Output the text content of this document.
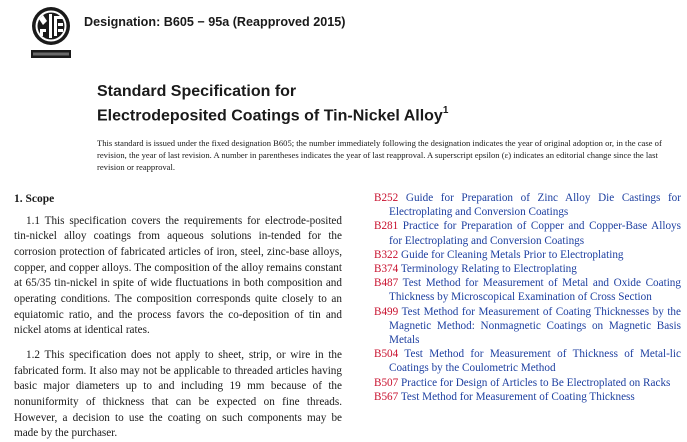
Designation: B605 − 95a (Reapproved 2015)
Standard Specification for
Electrodeposited Coatings of Tin-Nickel Alloy$^1$
This standard is issued under the fixed designation B605; the number immediately following the designation indicates the year of original adoption or, in the case of revision, the year of last revision. A number in parentheses indicates the year of last reapproval. A superscript epsilon (ε) indicates an editorial change since the last revision or reapproval.
1. Scope

1.1 This specification covers the requirements for electrode-posited tin-nickel alloy coatings from aqueous solutions in-tended for the corrosion protection of fabricated articles of iron, steel, zinc-base alloys, copper, and copper alloys. The composition of the alloy remains constant at 65/35 tin-nickel in spite of wide fluctuations in both composition and operating conditions. The composition corresponds quite closely to an equiatomic ratio, and the process favors the co-deposition of tin and nickel atoms at identical rates.

1.2 This specification does not apply to sheet, strip, or wire in the fabricated form. It also may not be applicable to threaded articles having basic major diameters up to and including 19 mm because of the nonuniformity of thickness that can be expected on fine threads. However, a decision to use the coating on such components may be made by the purchaser.

B252 Guide for Preparation of Zinc Alloy Die Castings for Electroplating and Conversion Coatings

B281 Practice for Preparation of Copper and Copper-Base Alloys for Electroplating and Conversion Coatings

B322 Guide for Cleaning Metals Prior to Electroplating

B374 Terminology Relating to Electroplating

B487 Test Method for Measurement of Metal and Oxide Coating Thickness by Microscopical Examination of Cross Section

B499 Test Method for Measurement of Coating Thicknesses by the Magnetic Method: Nonmagnetic Coatings on Magnetic Basis Metals

B504 Test Method for Measurement of Thickness of Metal-lic Coatings by the Coulometric Method

B507 Practice for Design of Articles to Be Electroplated on Racks

B567 Test Method for Measurement of Coating Thickness
